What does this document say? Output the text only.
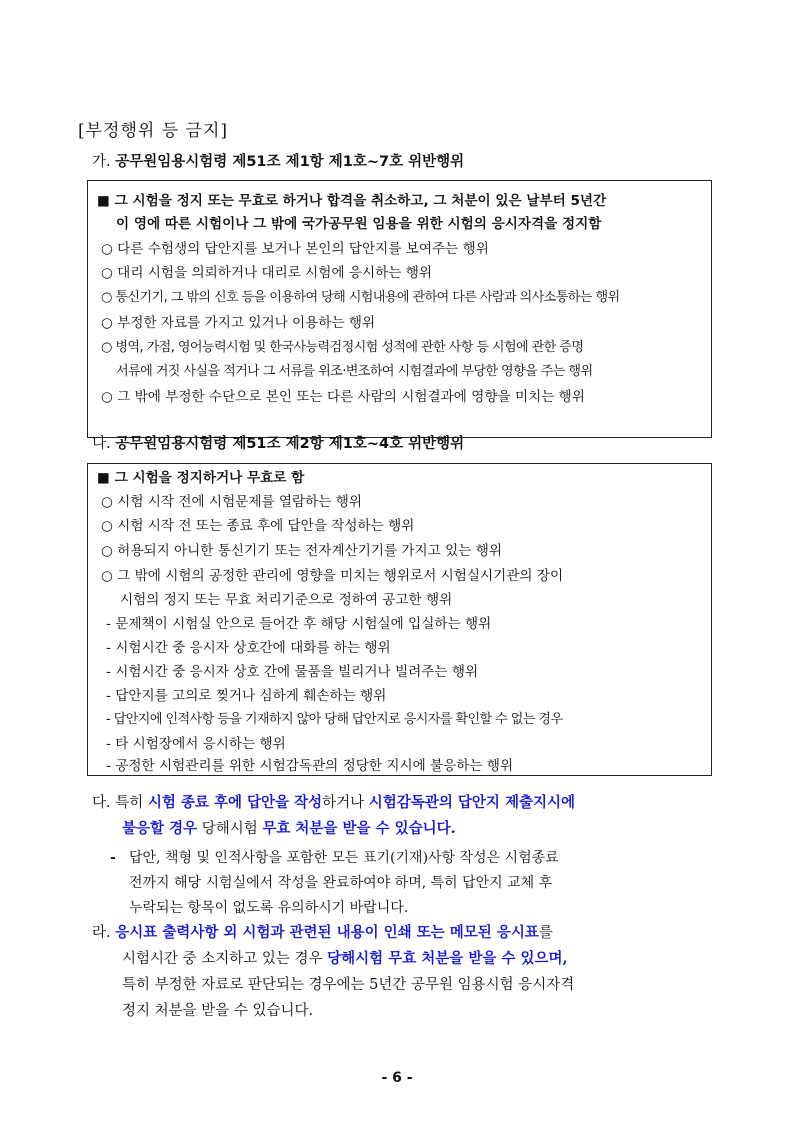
[부정행위 등 금지]
가. 공무원임용시험령 제51조 제1항 제1호~7호 위반행위
■ 그 시험을 정지 또는 무효로 하거나 합격을 취소하고, 그 처분이 있은 날부터 5년간
이 영에 따른 시험이나 그 밖에 국가공무원 임용을 위한 시험의 응시자격을 정지함
○ 다른 수험생의 답안지를 보거나 본인의 답안지를 보여주는 행위
○ 대리 시험을 의뢰하거나 대리로 시험에 응시하는 행위
○ 통신기기, 그 밖의 신호 등을 이용하여 당해 시험내용에 관하여 다른 사람과 의사소통하는 행위
○ 부정한 자료를 가지고 있거나 이용하는 행위
○ 병역, 가점, 영어능력시험 및 한국사능력검정시험 성적에 관한 사항 등 시험에 관한 증명
서류에 거짓 사실을 적거나 그 서류를 위조·변조하여 시험결과에 부당한 영향을 주는 행위
○ 그 밖에 부정한 수단으로 본인 또는 다른 사람의 시험결과에 영향을 미치는 행위
나. 공무원임용시험령 제51조 제2항 제1호~4호 위반행위
■ 그 시험을 정지하거나 무효로 함
○ 시험 시작 전에 시험문제를 열람하는 행위
○ 시험 시작 전 또는 종료 후에 답안을 작성하는 행위
○ 허용되지 아니한 통신기기 또는 전자계산기기를 가지고 있는 행위
○ 그 밖에 시험의 공정한 관리에 영향을 미치는 행위로서 시험실시기관의 장이
시험의 정지 또는 무효 처리기준으로 정하여 공고한 행위
- 문제책이 시험실 안으로 들어간 후 해당 시험실에 입실하는 행위
- 시험시간 중 응시자 상호간에 대화를 하는 행위
- 시험시간 중 응시자 상호 간에 물품을 빌리거나 빌려주는 행위
- 답안지를 고의로 찢거나 심하게 훼손하는 행위
- 답안지에 인적사항 등을 기재하지 않아 당해 답안지로 응시자를 확인할 수 없는 경우
- 타 시험장에서 응시하는 행위
- 공정한 시험관리를 위한 시험감독관의 정당한 지시에 불응하는 행위
다. 특히 시험 종료 후에 답안을 작성하거나 시험감독관의 답안지 제출지시에
불응할 경우 당해시험 무효 처분을 받을 수 있습니다.
- 답안, 책형 및 인적사항을 포함한 모든 표기(기재)사항 작성은 시험종료
전까지 해당 시험실에서 작성을 완료하여야 하며, 특히 답안지 교체 후
누락되는 항목이 없도록 유의하시기 바랍니다.
라. 응시표 출력사항 외 시험과 관련된 내용이 인쇄 또는 메모된 응시표를
시험시간 중 소지하고 있는 경우 당해시험 무효 처분을 받을 수 있으며,
특히 부정한 자료로 판단되는 경우에는 5년간 공무원 임용시험 응시자격
정지 처분을 받을 수 있습니다.
- 6 -
